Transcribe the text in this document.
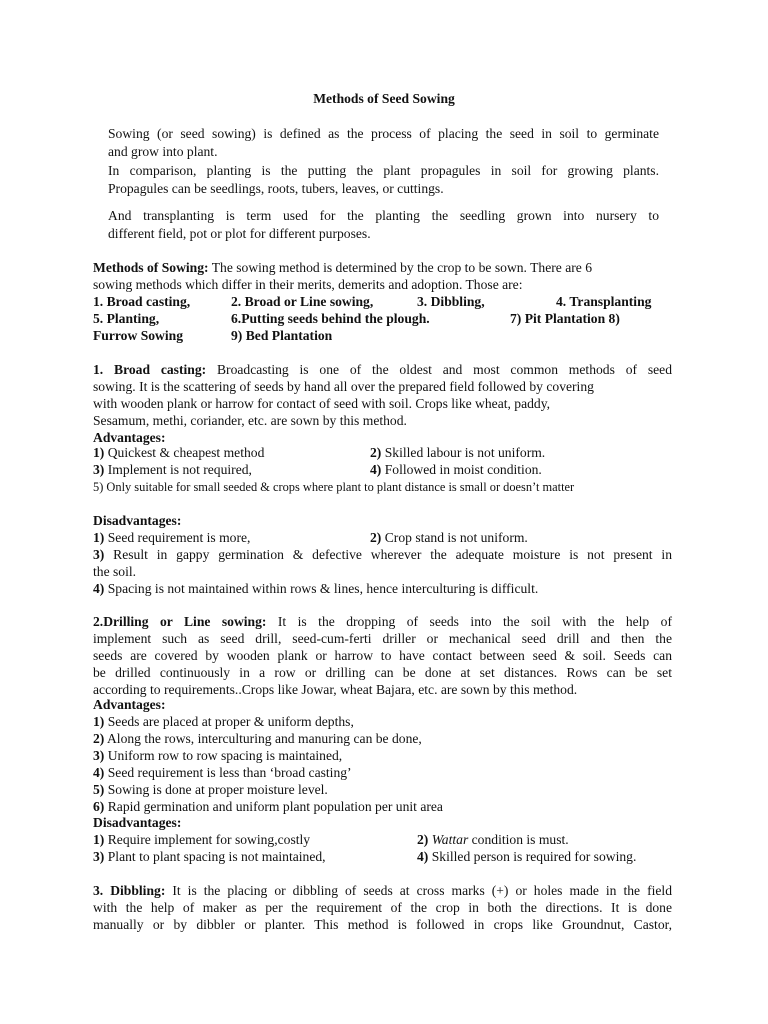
Methods of Seed Sowing
Sowing (or seed sowing) is defined as the process of placing the seed in soil to germinate
and grow into plant.
In comparison, planting is the putting the plant propagules in soil for growing plants.
Propagules can be seedlings, roots, tubers, leaves, or cuttings.
And transplanting is term used for the planting the seedling grown into nursery to
different field, pot or plot for different purposes.
Methods of Sowing: The sowing method is determined by the crop to be sown. There are 6
sowing methods which differ in their merits, demerits and adoption. Those are:
1. Broad casting,	2. Broad or Line sowing,	3. Dibbling,	4. Transplanting
5. Planting,	6.Putting seeds behind the plough.	7) Pit Plantation 8)
Furrow Sowing	9) Bed Plantation
1. Broad casting: Broadcasting is one of the oldest and most common methods of seed
sowing. It is the scattering of seeds by hand all over the prepared field followed by covering
with wooden plank or harrow for contact of seed with soil. Crops like wheat, paddy,
Sesamum, methi, coriander, etc. are sown by this method.
Advantages:
1) Quickest & cheapest method	2) Skilled labour is not uniform.
3) Implement is not required,	4) Followed in moist condition.
5) Only suitable for small seeded & crops where plant to plant distance is small or doesn’t matter
Disadvantages:
1) Seed requirement is more,	2) Crop stand is not uniform.
3) Result in gappy germination & defective wherever the adequate moisture is not present in
the soil.
4) Spacing is not maintained within rows & lines, hence interculturing is difficult.
2.Drilling or Line sowing: It is the dropping of seeds into the soil with the help of
implement such as seed drill, seed-cum-ferti driller or mechanical seed drill and then the
seeds are covered by wooden plank or harrow to have contact between seed & soil. Seeds can
be drilled continuously in a row or drilling can be done at set distances. Rows can be set
according to requirements..Crops like Jowar, wheat Bajara, etc. are sown by this method.
Advantages:
1) Seeds are placed at proper & uniform depths,
2) Along the rows, interculturing and manuring can be done,
3) Uniform row to row spacing is maintained,
4) Seed requirement is less than ‘broad casting’
5) Sowing is done at proper moisture level.
6) Rapid germination and uniform plant population per unit area
Disadvantages:
1) Require implement for sowing,costly	2) Wattar condition is must.
3) Plant to plant spacing is not maintained,	4) Skilled person is required for sowing.
3. Dibbling: It is the placing or dibbling of seeds at cross marks (+) or holes made in the field
with the help of maker as per the requirement of the crop in both the directions. It is done
manually or by dibbler or planter. This method is followed in crops like Groundnut, Castor,
